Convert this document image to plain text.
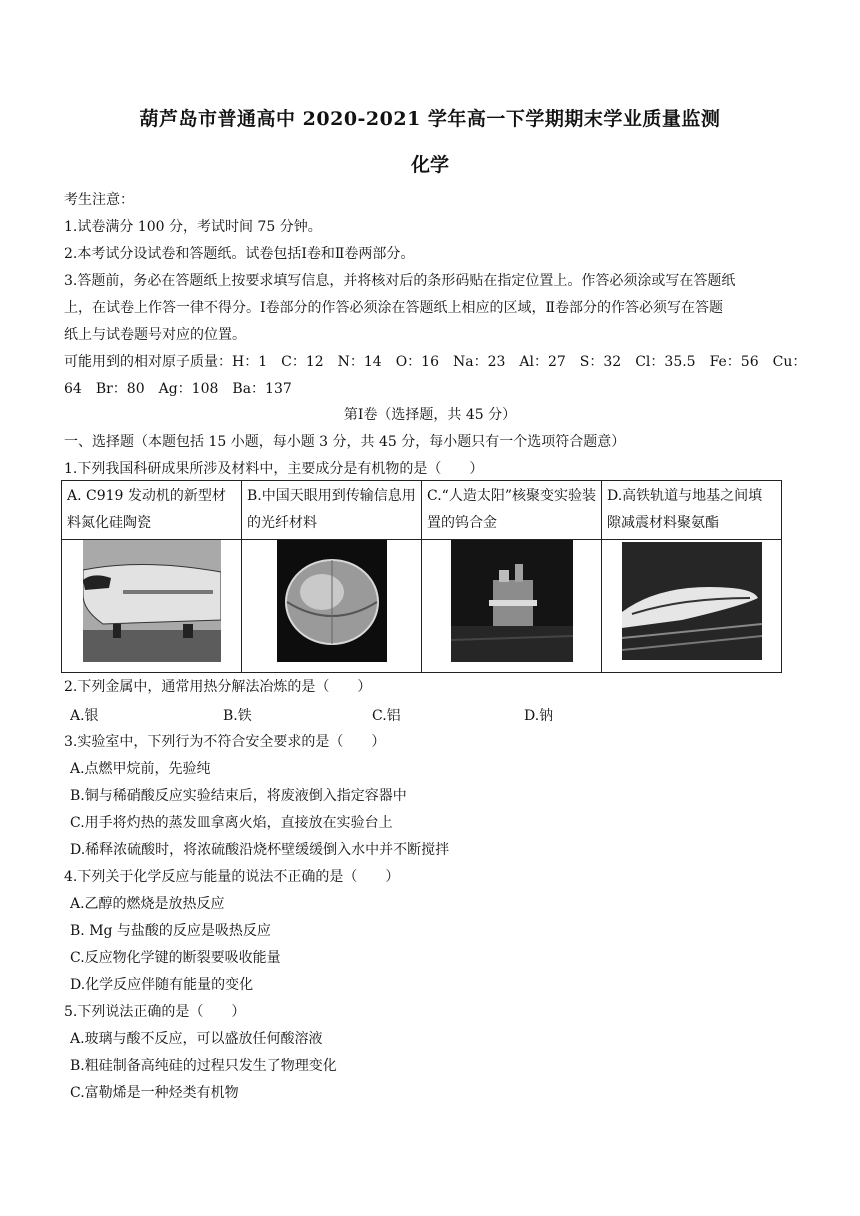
葫芦岛市普通高中 2020-2021 学年高一下学期期末学业质量监测
化学
考生注意：
1.试卷满分 100 分，考试时间 75 分钟。
2.本考试分设试卷和答题纸。试卷包括Ⅰ卷和Ⅱ卷两部分。
3.答题前，务必在答题纸上按要求填写信息，并将核对后的条形码贴在指定位置上。作答必须涂或写在答题纸
上，在试卷上作答一律不得分。Ⅰ卷部分的作答必须涂在答题纸上相应的区域，Ⅱ卷部分的作答必须写在答题
纸上与试卷题号对应的位置。
可能用到的相对原子质量：H：1　C：12　N：14　O：16　Na：23　Al：27　S：32　Cl：35.5　Fe：56　Cu：
64　Br：80　Ag：108　Ba：137
第Ⅰ卷（选择题，共 45 分）
一、选择题（本题包括 15 小题，每小题 3 分，共 45 分，每小题只有一个选项符合题意）
1.下列我国科研成果所涉及材料中，主要成分是有机物的是（　　）
A. C919 发动机的新型材料氮化硅陶瓷	B.中国天眼用到传输信息用的光纤材料	C.“人造太阳”核聚变实验装置的钨合金	D.高铁轨道与地基之间填隙减震材料聚氨酯

2.下列金属中，通常用热分解法冶炼的是（　　）
A.银	B.铁	C.铝	D.钠
3.实验室中，下列行为不符合安全要求的是（　　）
A.点燃甲烷前，先验纯
B.铜与稀硝酸反应实验结束后，将废液倒入指定容器中
C.用手将灼热的蒸发皿拿离火焰，直接放在实验台上
D.稀释浓硫酸时，将浓硫酸沿烧杯壁缓缓倒入水中并不断搅拌
4.下列关于化学反应与能量的说法不正确的是（　　）
A.乙醇的燃烧是放热反应
B. Mg 与盐酸的反应是吸热反应
C.反应物化学键的断裂要吸收能量
D.化学反应伴随有能量的变化
5.下列说法正确的是（　　）
A.玻璃与酸不反应，可以盛放任何酸溶液
B.粗硅制备高纯硅的过程只发生了物理变化
C.富勒烯是一种烃类有机物
